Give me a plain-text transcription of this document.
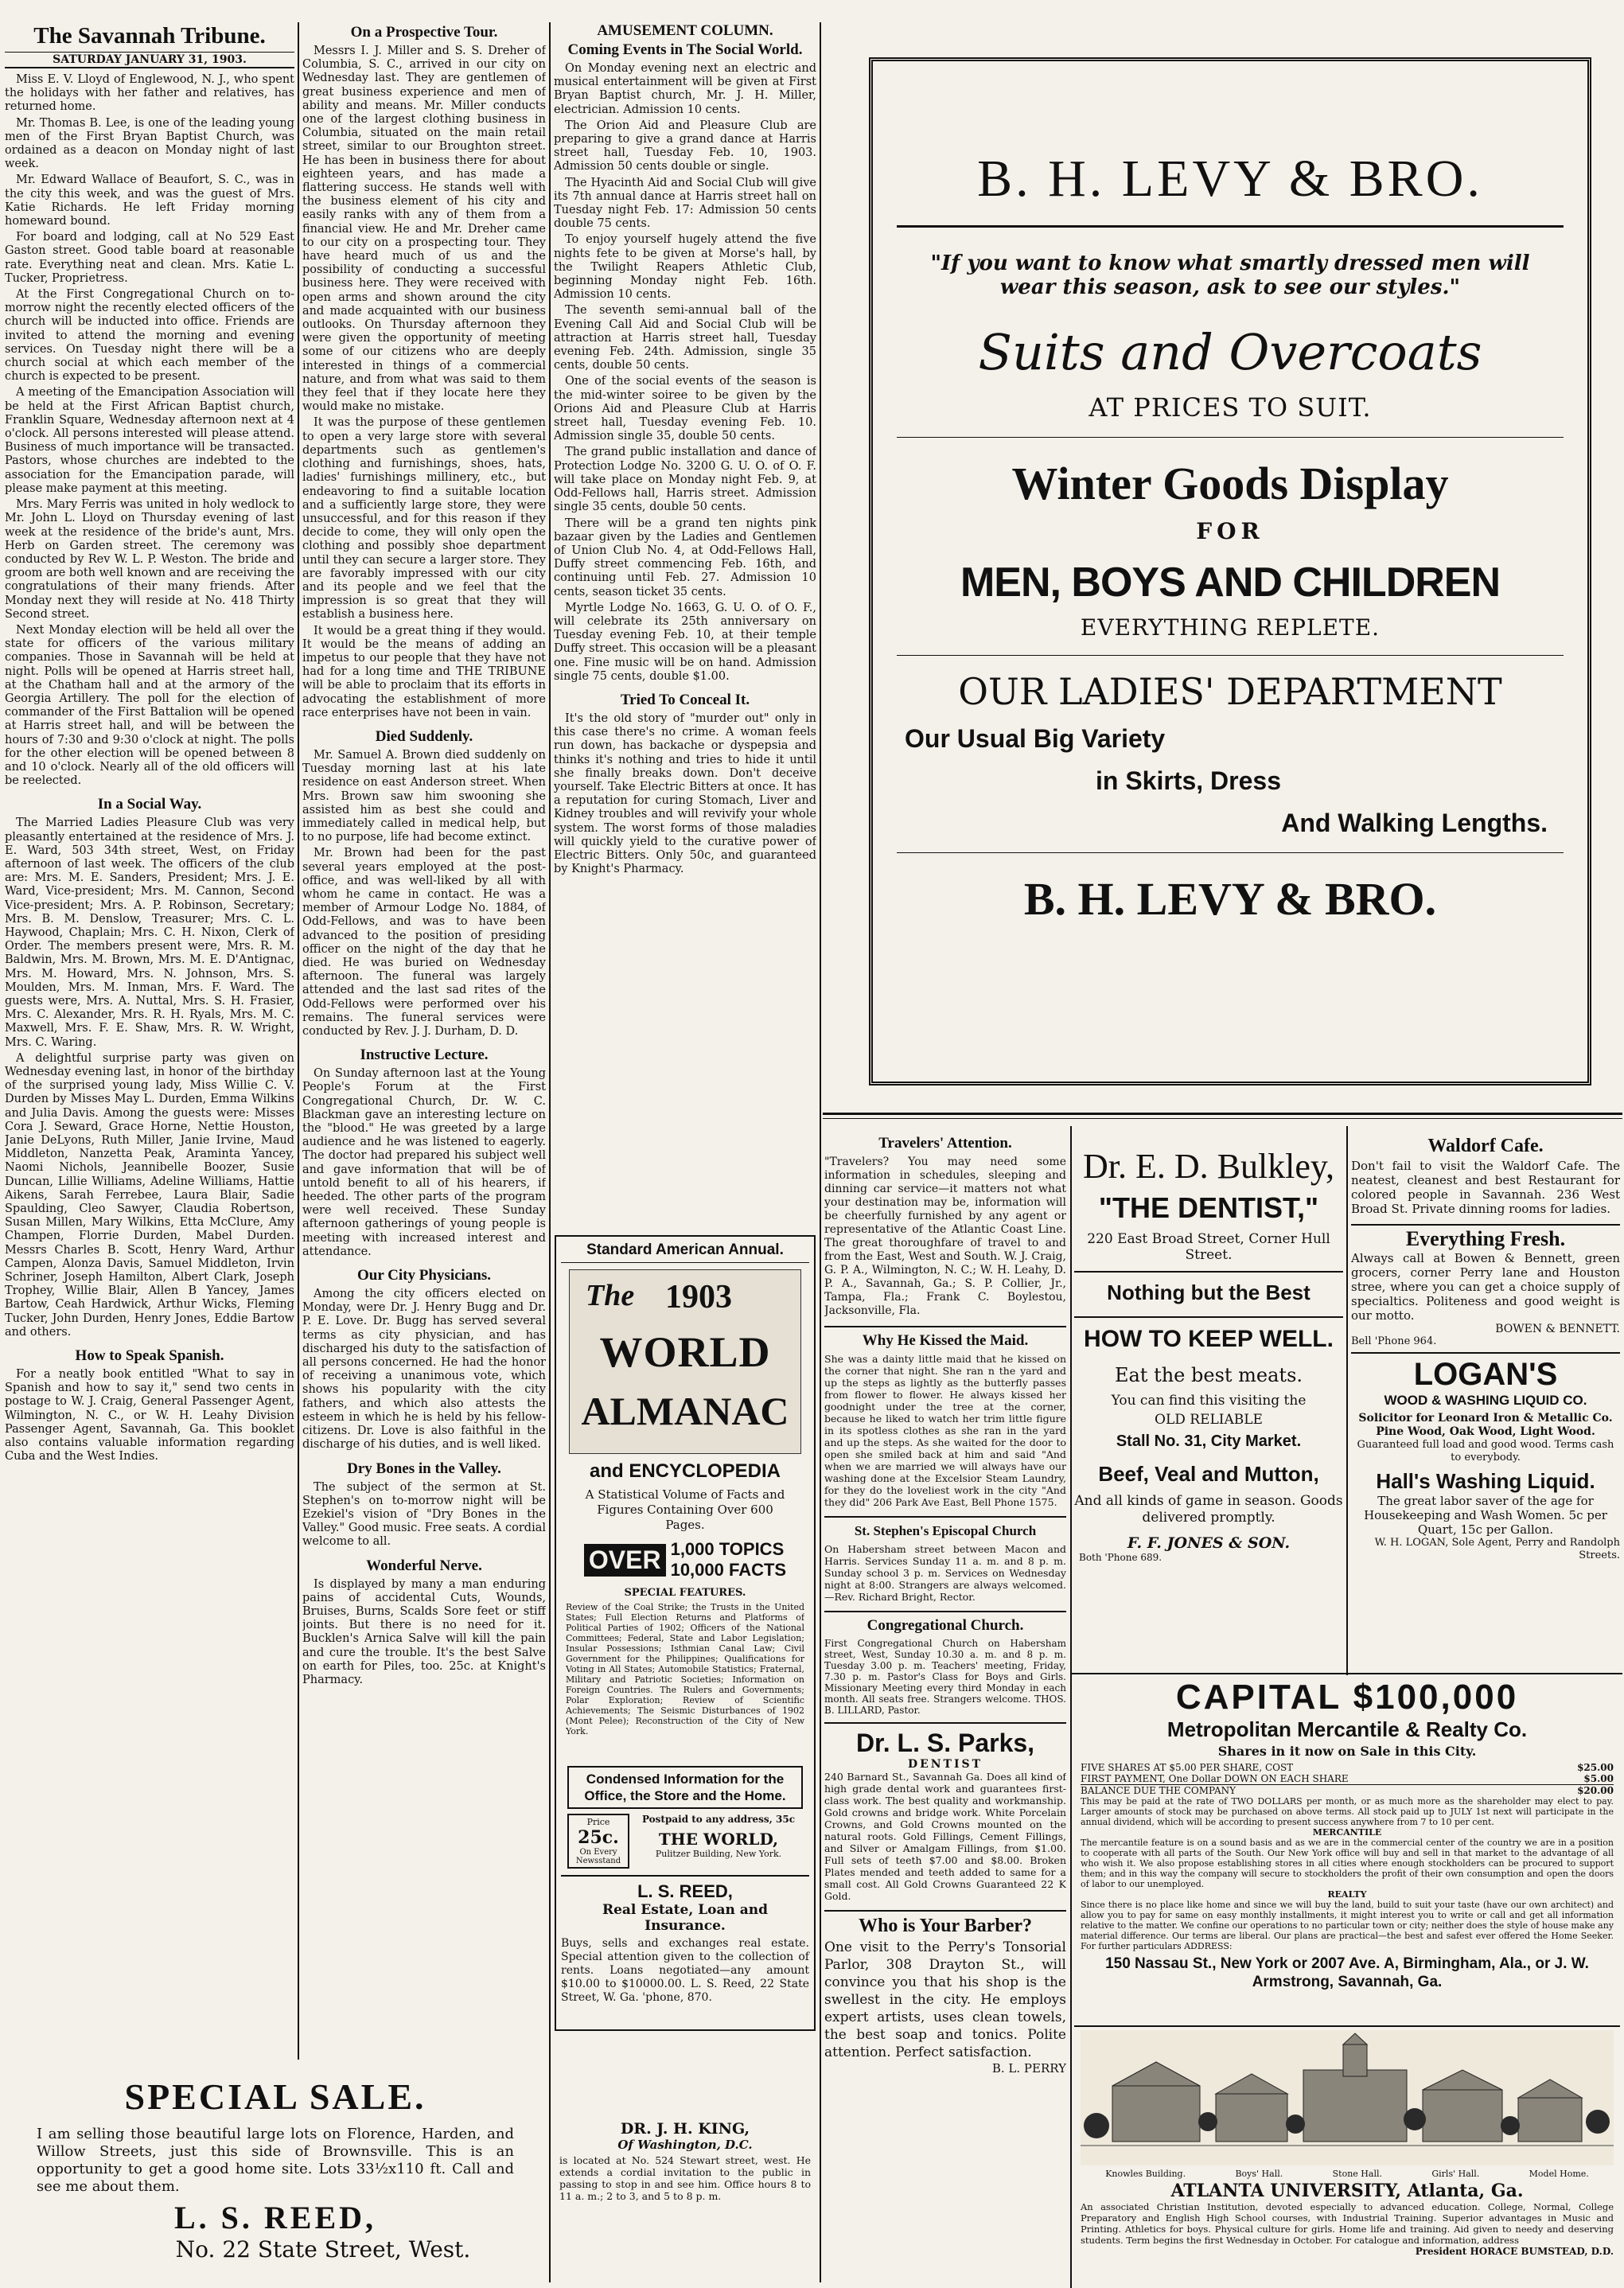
The Savannah Tribune.
SATURDAY JANUARY 31, 1903.

Miss E. V. Lloyd of Englewood, N. J., who spent the holidays with her father and relatives, has returned home.

Mr. Thomas B. Lee, is one of the leading young men of the First Bryan Baptist Church, was ordained as a deacon on Monday night of last week.

Mr. Edward Wallace of Beaufort, S. C., was in the city this week, and was the guest of Mrs. Katie Richards. He left Friday morning homeward bound.

For board and lodging, call at No 529 East Gaston street. Good table board at reasonable rate. Everything neat and clean. Mrs. Katie L. Tucker, Proprietress.

At the First Congregational Church on to-morrow night the recently elected officers of the church will be inducted into office. Friends are invited to attend the morning and evening services. On Tuesday night there will be a church social at which each member of the church is expected to be present.

A meeting of the Emancipation Association will be held at the First African Baptist church, Franklin Square, Wednesday afternoon next at 4 o'clock. All persons interested will please attend. Business of much importance will be transacted. Pastors, whose churches are indebted to the association for the Emancipation parade, will please make payment at this meeting.

Mrs. Mary Ferris was united in holy wedlock to Mr. John L. Lloyd on Thursday evening of last week at the residence of the bride's aunt, Mrs. Herb on Garden street. The ceremony was conducted by Rev W. L. P. Weston. The bride and groom are both well known and are receiving the congratulations of their many friends. After Monday next they will reside at No. 418 Thirty Second street.

Next Monday election will be held all over the state for officers of the various military companies. Those in Savannah will be held at night. Polls will be opened at Harris street hall, at the Chatham hall and at the armory of the Georgia Artillery. The poll for the election of commander of the First Battalion will be opened at Harris street hall, and will be between the hours of 7:30 and 9:30 o'clock at night. The polls for the other election will be opened between 8 and 10 o'clock. Nearly all of the old officers will be reelected.

In a Social Way.

The Married Ladies Pleasure Club was very pleasantly entertained at the residence of Mrs. J. E. Ward, 503 34th street, West, on Friday afternoon of last week. The officers of the club are: Mrs. M. E. Sanders, President; Mrs. J. E. Ward, Vice-president; Mrs. M. Cannon, Second Vice-president; Mrs. A. P. Robinson, Secretary; Mrs. B. M. Denslow, Treasurer; Mrs. C. L. Haywood, Chaplain; Mrs. C. H. Nixon, Clerk of Order. The members present were, Mrs. R. M. Baldwin, Mrs. M. Brown, Mrs. M. E. D'Antignac, Mrs. M. Howard, Mrs. N. Johnson, Mrs. S. Moulden, Mrs. M. Inman, Mrs. F. Ward. The guests were, Mrs. A. Nuttal, Mrs. S. H. Frasier, Mrs. C. Alexander, Mrs. R. H. Ryals, Mrs. M. C. Maxwell, Mrs. F. E. Shaw, Mrs. R. W. Wright, Mrs. C. Waring.

A delightful surprise party was given on Wednesday evening last, in honor of the birthday of the surprised young lady, Miss Willie C. V. Durden by Misses May L. Durden, Emma Wilkins and Julia Davis. Among the guests were: Misses Cora J. Seward, Grace Horne, Nettie Houston, Janie DeLyons, Ruth Miller, Janie Irvine, Maud Middleton, Nanzetta Peak, Araminta Yancey, Naomi Nichols, Jeannibelle Boozer, Susie Duncan, Lillie Williams, Adeline Williams, Hattie Aikens, Sarah Ferrebee, Laura Blair, Sadie Spaulding, Cleo Sawyer, Claudia Robertson, Susan Millen, Mary Wilkins, Etta McClure, Amy Champen, Florrie Durden, Mabel Durden. Messrs Charles B. Scott, Henry Ward, Arthur Campen, Alonza Davis, Samuel Middleton, Irvin Schriner, Joseph Hamilton, Albert Clark, Joseph Trophey, Willie Blair, Allen B Yancey, James Bartow, Ceah Hardwick, Arthur Wicks, Fleming Tucker, John Durden, Henry Jones, Eddie Bartow and others.

How to Speak Spanish.

For a neatly book entitled "What to say in Spanish and how to say it," send two cents in postage to W. J. Craig, General Passenger Agent, Wilmington, N. C., or W. H. Leahy Division Passenger Agent, Savannah, Ga. This booklet also contains valuable information regarding Cuba and the West Indies.

On a Prospective Tour.

Messrs I. J. Miller and S. S. Dreher of Columbia, S. C., arrived in our city on Wednesday last. They are gentlemen of great business experience and men of ability and means. Mr. Miller conducts one of the largest clothing business in Columbia, situated on the main retail street, similar to our Broughton street. He has been in business there for about eighteen years, and has made a flattering success. He stands well with the business element of his city and easily ranks with any of them from a financial view. He and Mr. Dreher came to our city on a prospecting tour. They have heard much of us and the possibility of conducting a successful business here. They were received with open arms and shown around the city and made acquainted with our business outlooks. On Thursday afternoon they were given the opportunity of meeting some of our citizens who are deeply interested in things of a commercial nature, and from what was said to them they feel that if they locate here they would make no mistake.

It was the purpose of these gentlemen to open a very large store with several departments such as gentlemen's clothing and furnishings, shoes, hats, ladies' furnishings millinery, etc., but endeavoring to find a suitable location and a sufficiently large store, they were unsuccessful, and for this reason if they decide to come, they will only open the clothing and possibly shoe department until they can secure a larger store. They are favorably impressed with our city and its people and we feel that the impression is so great that they will establish a business here.

It would be a great thing if they would. It would be the means of adding an impetus to our people that they have not had for a long time and THE TRIBUNE will be able to proclaim that its efforts in advocating the establishment of more race enterprises have not been in vain.

Died Suddenly.

Mr. Samuel A. Brown died suddenly on Tuesday morning last at his late residence on east Anderson street. When Mrs. Brown saw him swooning she assisted him as best she could and immediately called in medical help, but to no purpose, life had become extinct.

Mr. Brown had been for the past several years employed at the post-office, and was well-liked by all with whom he came in contact. He was a member of Armour Lodge No. 1884, of Odd-Fellows, and was to have been advanced to the position of presiding officer on the night of the day that he died. He was buried on Wednesday afternoon. The funeral was largely attended and the last sad rites of the Odd-Fellows were performed over his remains. The funeral services were conducted by Rev. J. J. Durham, D. D.

Instructive Lecture.

On Sunday afternoon last at the Young People's Forum at the First Congregational Church, Dr. W. C. Blackman gave an interesting lecture on the "blood." He was greeted by a large audience and he was listened to eagerly. The doctor had prepared his subject well and gave information that will be of untold benefit to all of his hearers, if heeded. The other parts of the program were well received. These Sunday afternoon gatherings of young people is meeting with increased interest and attendance.

Our City Physicians.

Among the city officers elected on Monday, were Dr. J. Henry Bugg and Dr. P. E. Love. Dr. Bugg has served several terms as city physician, and has discharged his duty to the satisfaction of all persons concerned. He had the honor of receiving a unanimous vote, which shows his popularity with the city fathers, and which also attests the esteem in which he is held by his fellow-citizens. Dr. Love is also faithful in the discharge of his duties, and is well liked.

Dry Bones in the Valley.

The subject of the sermon at St. Stephen's on to-morrow night will be Ezekiel's vision of "Dry Bones in the Valley." Good music. Free seats. A cordial welcome to all.

Wonderful Nerve.

Is displayed by many a man enduring pains of accidental Cuts, Wounds, Bruises, Burns, Scalds Sore feet or stiff joints. But there is no need for it. Bucklen's Arnica Salve will kill the pain and cure the trouble. It's the best Salve on earth for Piles, too. 25c. at Knight's Pharmacy.

AMUSEMENT COLUMN.
Coming Events in The Social World.

On Monday evening next an electric and musical entertainment will be given at First Bryan Baptist church, Mr. J. H. Miller, electrician. Admission 10 cents.

The Orion Aid and Pleasure Club are preparing to give a grand dance at Harris street hall, Tuesday Feb. 10, 1903. Admission 50 cents double or single.

The Hyacinth Aid and Social Club will give its 7th annual dance at Harris street hall on Tuesday night Feb. 17: Admission 50 cents double 75 cents.

To enjoy yourself hugely attend the five nights fete to be given at Morse's hall, by the Twilight Reapers Athletic Club, beginning Monday night Feb. 16th. Admission 10 cents.

The seventh semi-annual ball of the Evening Call Aid and Social Club will be attraction at Harris street hall, Tuesday evening Feb. 24th. Admission, single 35 cents, double 50 cents.

One of the social events of the season is the mid-winter soiree to be given by the Orions Aid and Pleasure Club at Harris street hall, Tuesday evening Feb. 10. Admission single 35, double 50 cents.

The grand public installation and dance of Protection Lodge No. 3200 G. U. O. of O. F. will take place on Monday night Feb. 9, at Odd-Fellows hall, Harris street. Admission single 35 cents, double 50 cents.

There will be a grand ten nights pink bazaar given by the Ladies and Gentlemen of Union Club No. 4, at Odd-Fellows Hall, Duffy street commencing Feb. 16th, and continuing until Feb. 27. Admission 10 cents, season ticket 35 cents.

Myrtle Lodge No. 1663, G. U. O. of O. F., will celebrate its 25th anniversary on Tuesday evening Feb. 10, at their temple Duffy street. This occasion will be a pleasant one. Fine music will be on hand. Admission single 75 cents, double $1.00.

Tried To Conceal It.

It's the old story of "murder out" only in this case there's no crime. A woman feels run down, has backache or dyspepsia and thinks it's nothing and tries to hide it until she finally breaks down. Don't deceive yourself. Take Electric Bitters at once. It has a reputation for curing Stomach, Liver and Kidney troubles and will revivify your whole system. The worst forms of those maladies will quickly yield to the curative power of Electric Bitters. Only 50c, and guaranteed by Knight's Pharmacy.

Standard American Annual.
The 1903
WORLD
ALMANAC
and ENCYCLOPEDIA
A Statistical Volume of Facts and Figures Containing Over 600 Pages.
OVER 1,000 TOPICS
10,000 FACTS
SPECIAL FEATURES.
Review of the Coal Strike; the Trusts in the United States; Full Election Returns and Platforms of Political Parties of 1902; Officers of the National Committees; Federal, State and Labor Legislation; Insular Possessions; Isthmian Canal Law; Civil Government for the Philippines; Qualifications for Voting in All States; Automobile Statistics; Fraternal, Military and Patriotic Societies; Information on Foreign Countries. The Rulers and Governments; Polar Exploration; Review of Scientific Achievements; The Seismic Disturbances of 1902 (Mont Pelee); Reconstruction of the City of New York.
Condensed Information for the Office, the Store and the Home.
Price
25c.
On Every Newsstand
Postpaid to any address, 35c
THE WORLD,
Pulitzer Building, New York.
L. S. REED,
Real Estate, Loan and Insurance.
Buys, sells and exchanges real estate. Special attention given to the collection of rents. Loans negotiated—any amount $10.00 to $10000.00. L. S. Reed, 22 State Street, W. Ga. 'phone, 870.
DR. J. H. KING,
Of Washington, D.C.
is located at No. 524 Stewart street, west. He extends a cordial invitation to the public in passing to stop in and see him. Office hours 8 to 11 a. m.; 2 to 3, and 5 to 8 p. m.
SPECIAL SALE.
I am selling those beautiful large lots on Florence, Harden, and Willow Streets, just this side of Brownsville. This is an opportunity to get a good home site. Lots 33½x110 ft. Call and see me about them.
L. S. REED,
No. 22 State Street, West.
B. H. LEVY & BRO.
"If you want to know what smartly dressed men will wear this season, ask to see our styles."
Suits and Overcoats
AT PRICES TO SUIT.
Winter Goods Display
FOR
MEN, BOYS AND CHILDREN
EVERYTHING REPLETE.
OUR LADIES' DEPARTMENT
Our Usual Big Variety
in Skirts, Dress
And Walking Lengths.
B. H. LEVY & BRO.
Travelers' Attention.
"Travelers? You may need some information in schedules, sleeping and dinning car service—it matters not what your destination may be, information will be cheerfully furnished by any agent or representative of the Atlantic Coast Line. The great thoroughfare of travel to and from the East, West and South. W. J. Craig, G. P. A., Wilmington, N. C.; W. H. Leahy, D. P. A., Savannah, Ga.; S. P. Collier, Jr., Tampa, Fla.; Frank C. Boylestou, Jacksonville, Fla.
Why He Kissed the Maid.
She was a dainty little maid that he kissed on the corner that night. She ran n the yard and up the steps as lightly as the butterfly passes from flower to flower. He always kissed her goodnight under the tree at the corner, because he liked to watch her trim little figure in its spotless clothes as she ran in the yard and up the steps. As she waited for the door to open she smiled back at him and said "And when we are married we will always have our washing done at the Excelsior Steam Laundry, for they do the loveliest work in the city "And they did" 206 Park Ave East, Bell Phone 1575.
St. Stephen's Episcopal Church
On Habersham street between Macon and Harris. Services Sunday 11 a. m. and 8 p. m. Sunday school 3 p. m. Services on Wednesday night at 8:00. Strangers are always welcomed.—Rev. Richard Bright, Rector.
Congregational Church.
First Congregational Church on Habersham street, West, Sunday 10.30 a. m. and 8 p. m. Tuesday 3.00 p. m. Teachers' meeting, Friday, 7.30 p. m. Pastor's Class for Boys and Girls. Missionary Meeting every third Monday in each month. All seats free. Strangers welcome. THOS. B. LILLARD, Pastor.
Dr. L. S. Parks,
DENTIST
240 Barnard St., Savannah Ga. Does all kind of high grade dental work and guarantees first-class work. The best quality and workmanship. Gold crowns and bridge work. White Porcelain Crowns, and Gold Crowns mounted on the natural roots. Gold Fillings, Cement Fillings, and Silver or Amalgam Fillings, from $1.00. Full sets of teeth $7.00 and $8.00. Broken Plates mended and teeth added to same for a small cost. All Gold Crowns Guaranteed 22 K Gold.
Who is Your Barber?
One visit to the Perry's Tonsorial Parlor, 308 Drayton St., will convince you that his shop is the swellest in the city. He employs expert artists, uses clean towels, the best soap and tonics. Polite attention. Perfect satisfaction.
B. L. PERRY
Dr. E. D. Bulkley,
"THE DENTIST,"
220 East Broad Street, Corner Hull Street.
Nothing but the Best
HOW TO KEEP WELL.
Eat the best meats.
You can find this visiting the
OLD RELIABLE
Stall No. 31, City Market.
Beef, Veal and Mutton,
And all kinds of game in season. Goods delivered promptly.
F. F. JONES & SON.
Both 'Phone 689.
Waldorf Cafe.
Don't fail to visit the Waldorf Cafe. The neatest, cleanest and best Restaurant for colored people in Savannah. 236 West Broad St. Private dinning rooms for ladies.
Everything Fresh.
Always call at Bowen & Bennett, green grocers, corner Perry lane and Houston stree, where you can get a choice supply of specialtics. Politeness and good weight is our motto.
BOWEN & BENNETT.
Bell 'Phone 964.
LOGAN'S
WOOD & WASHING LIQUID CO.
Solicitor for Leonard Iron & Metallic Co. Pine Wood, Oak Wood, Light Wood.
Guaranteed full load and good wood. Terms cash to everybody.
Hall's Washing Liquid.
The great labor saver of the age for Housekeeping and Wash Women. 5c per Quart, 15c per Gallon.
W. H. LOGAN, Sole Agent, Perry and Randolph Streets.
CAPITAL $100,000
Metropolitan Mercantile & Realty Co.
Shares in it now on Sale in this City.
FIVE SHARES AT $5.00 PER SHARE, COST	$25.00
FIRST PAYMENT, One Dollar DOWN ON EACH SHARE	$5.00
BALANCE DUE THE COMPANY	$20.00
This may be paid at the rate of TWO DOLLARS per month, or as much more as the shareholder may elect to pay. Larger amounts of stock may be purchased on above terms. All stock paid up to JULY 1st next will participate in the annual dividend, which will be according to present success anywhere from 7 to 10 per cent.
MERCANTILE
The mercantile feature is on a sound basis and as we are in the commercial center of the country we are in a position to cooperate with all parts of the South. Our New York office will buy and sell in that market to the advantage of all who wish it. We also propose establishing stores in all cities where enough stockholders can be procured to support them; and in this way the company will secure to stockholders the profit of their own consumption and open the doors of labor to our unemployed.
REALTY
Since there is no place like home and since we will buy the land, build to suit your taste (have our own architect) and allow you to pay for same on easy monthly installments, it might interest you to write or call and get all information relative to the matter. We confine our operations to no particular town or city; neither does the style of house make any material difference. Our terms are liberal. Our plans are practical—the best and safest ever offered the Home Seeker. For further particulars ADDRESS:
150 Nassau St., New York or 2007 Ave. A, Birmingham, Ala., or J. W. Armstrong, Savannah, Ga.
Knowles Building.	Boys' Hall.	Stone Hall.	Girls' Hall.	Model Home.
ATLANTA UNIVERSITY, Atlanta, Ga.
An associated Christian Institution, devoted especially to advanced education. College, Normal, College Preparatory and English High School courses, with Industrial Training. Superior advantages in Music and Printing. Athletics for boys. Physical culture for girls. Home life and training. Aid given to needy and deserving students. Term begins the first Wednesday in October. For catalogue and information, address
President HORACE BUMSTEAD, D.D.
